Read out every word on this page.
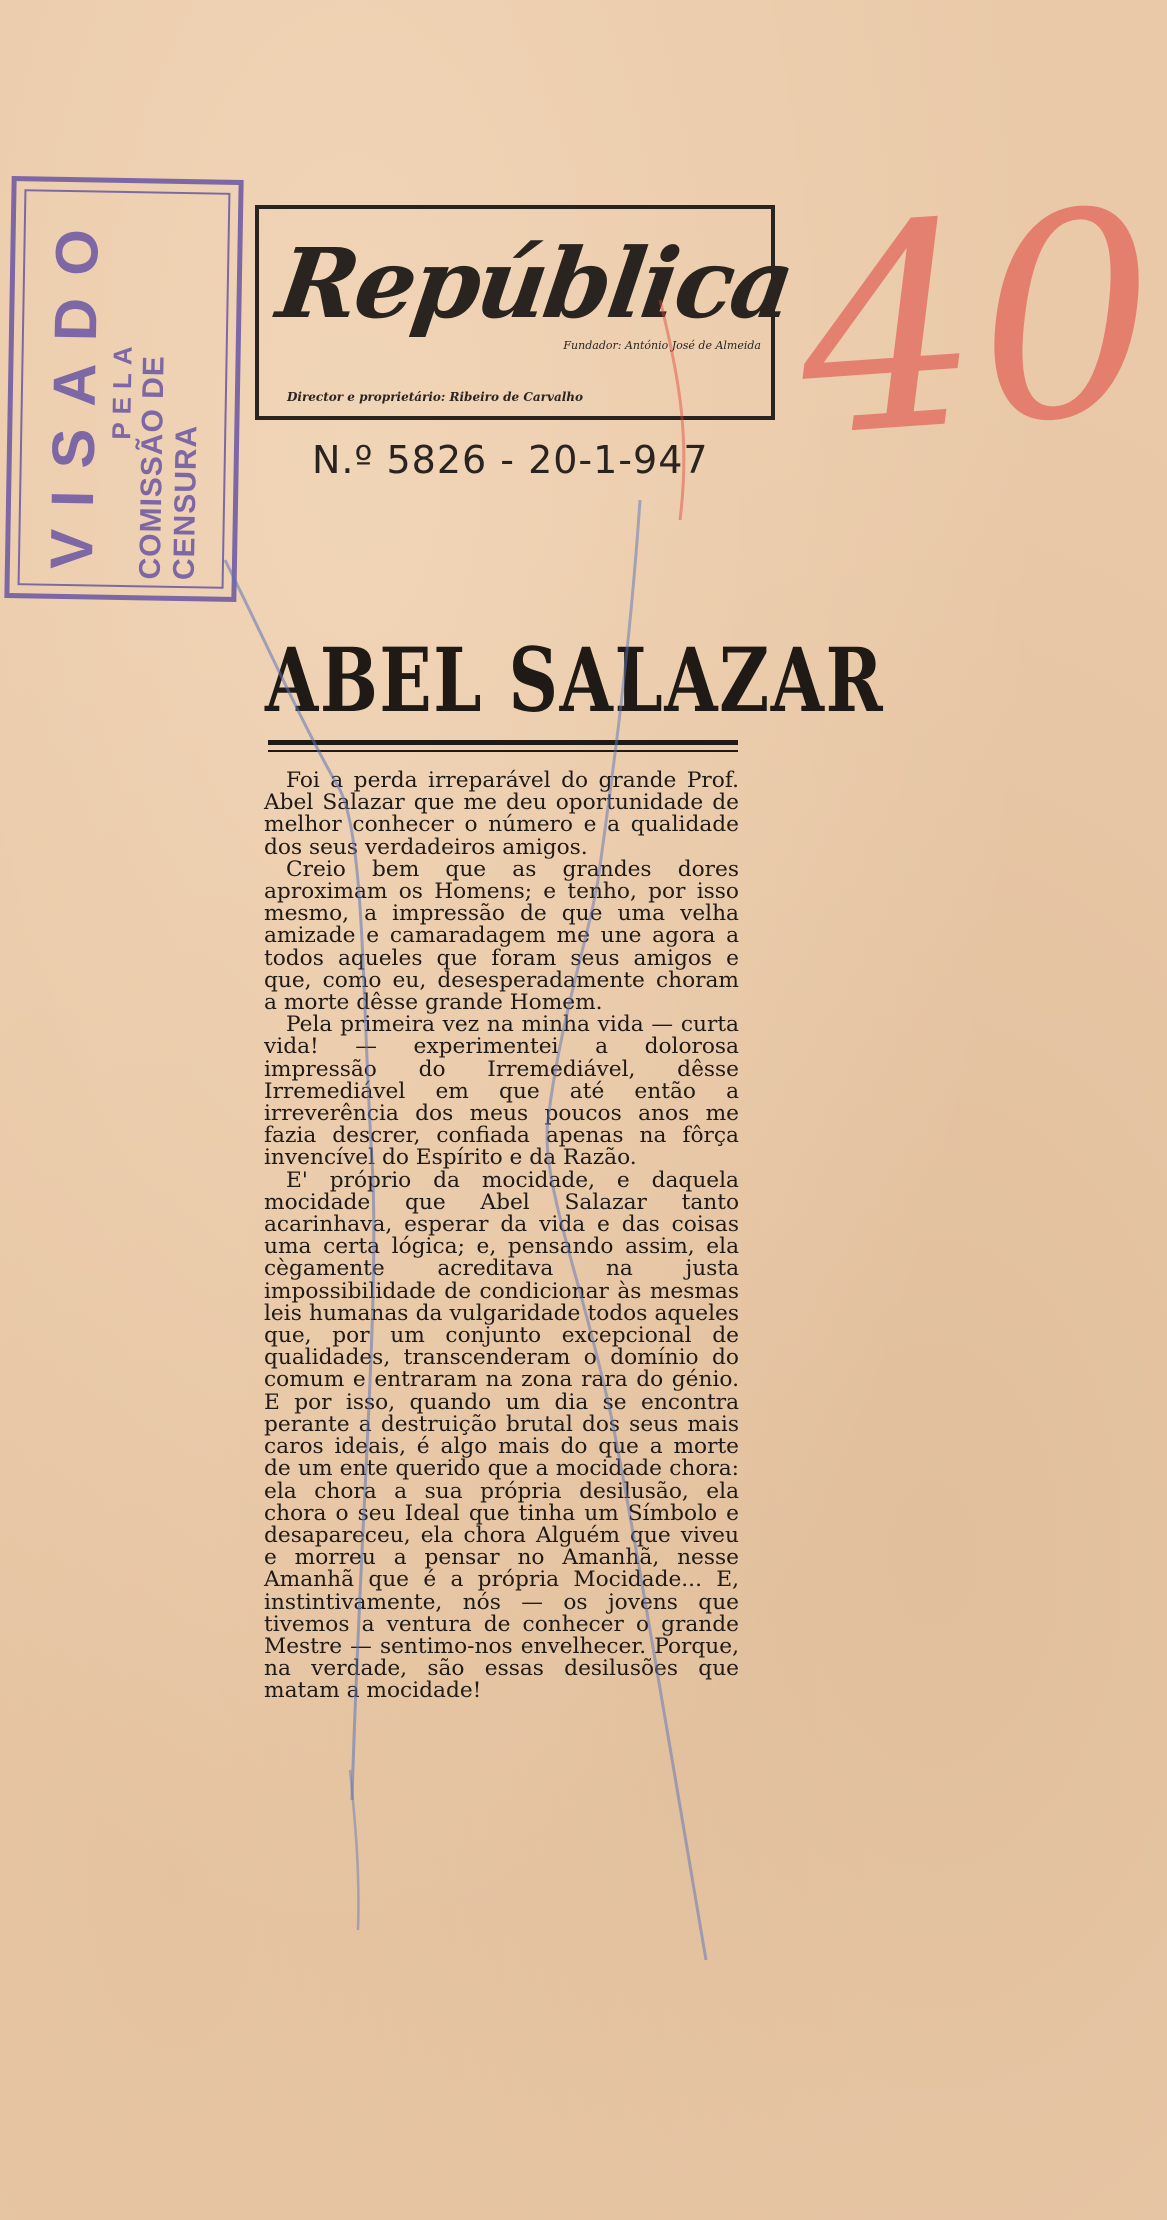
VISADO
PELA
COMISSÃO DE CENSURA
República
Fundador: António José de Almeida
Director e proprietário: Ribeiro de Carvalho 40
N.º 5826 - 20-1-947
ABEL SALAZAR

Foi a perda irreparável do grande Prof. Abel Salazar que me deu oportunidade de melhor conhecer o número e a qualidade dos seus verdadeiros amigos.

Creio bem que as grandes dores aproximam os Homens; e tenho, por isso mesmo, a impressão de que uma velha amizade e camaradagem me une agora a todos aqueles que foram seus amigos e que, como eu, desesperadamente choram a morte dêsse grande Homem.

Pela primeira vez na minha vida — curta vida! — experimentei a dolorosa impressão do Irremediável, dêsse Irremediável em que até então a irreverência dos meus poucos anos me fazia descrer, confiada apenas na fôrça invencível do Espírito e da Razão.

E' próprio da mocidade, e daquela mocidade que Abel Salazar tanto acarinhava, esperar da vida e das coisas uma certa lógica; e, pensando assim, ela cègamente acreditava na justa impossibilidade de condicionar às mesmas leis humanas da vulgaridade todos aqueles que, por um conjunto excepcional de qualidades, transcenderam o domínio do comum e entraram na zona rara do génio. E por isso, quando um dia se encontra perante a destruição brutal dos seus mais caros ideais, é algo mais do que a morte de um ente querido que a mocidade chora: ela chora a sua própria desilusão, ela chora o seu Ideal que tinha um Símbolo e desapareceu, ela chora Alguém que viveu e morreu a pensar no Amanhã, nesse Amanhã que é a própria Mocidade... E, instintivamente, nós — os jovens que tivemos a ventura de conhecer o grande Mestre — sentimo-nos envelhecer. Porque, na verdade, são essas desilusões que matam a mocidade!
